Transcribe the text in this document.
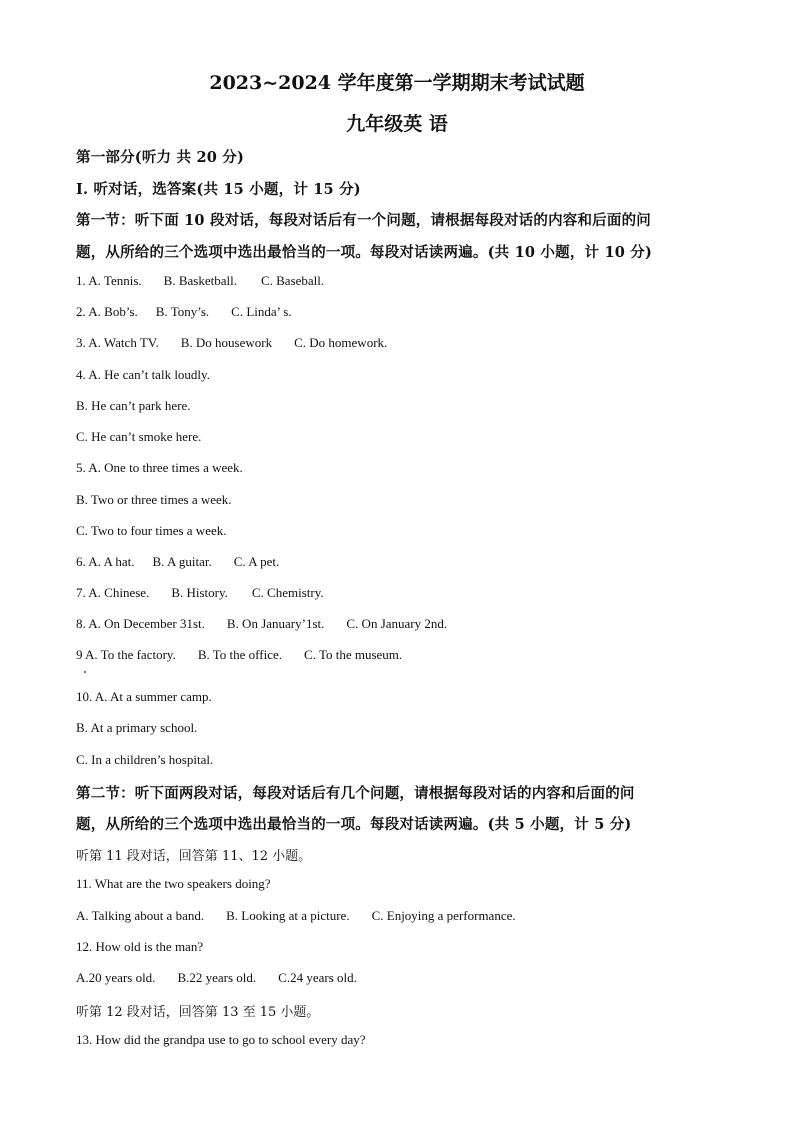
2023~2024 学年度第一学期期末考试试题
九年级英 语
第一部分(听力 共 20 分)
I. 听对话，选答案(共 15 小题，计 15 分)
第一节：听下面 10 段对话，每段对话后有一个问题，请根据每段对话的内容和后面的问
题，从所给的三个选项中选出最恰当的一项。每段对话读两遍。(共 10 小题，计 10 分)
1. A. Tennis. B. Basketball. C. Baseball.
2. A. Bob’s. B. Tony’s. C. Linda’ s.
3. A. Watch TV. B. Do housework C. Do homework.
4. A. He can’t talk loudly.
B. He can’t park here.
C. He can’t smoke here.
5. A. One to three times a week.
B. Two or three times a week.
C. Two to four times a week.
6. A. A hat. B. A guitar. C. A pet.
7. A. Chinese. B. History. C. Chemistry.
8. A. On December 31st. B. On January’1st. C. On January 2nd.
9 A. To the factory. B. To the office. C. To the museum.
10. A. At a summer camp.
B. At a primary school.
C. In a children’s hospital.
第二节：听下面两段对话，每段对话后有几个问题，请根据每段对话的内容和后面的问
题，从所给的三个选项中选出最恰当的一项。每段对话读两遍。(共 5 小题，计 5 分)
听第 11 段对话，回答第 11、12 小题。
11. What are the two speakers doing?
A. Talking about a band. B. Looking at a picture. C. Enjoying a performance.
12. How old is the man?
A.20 years old. B.22 years old. C.24 years old.
听第 12 段对话，回答第 13 至 15 小题。
13. How did the grandpa use to go to school every day?
